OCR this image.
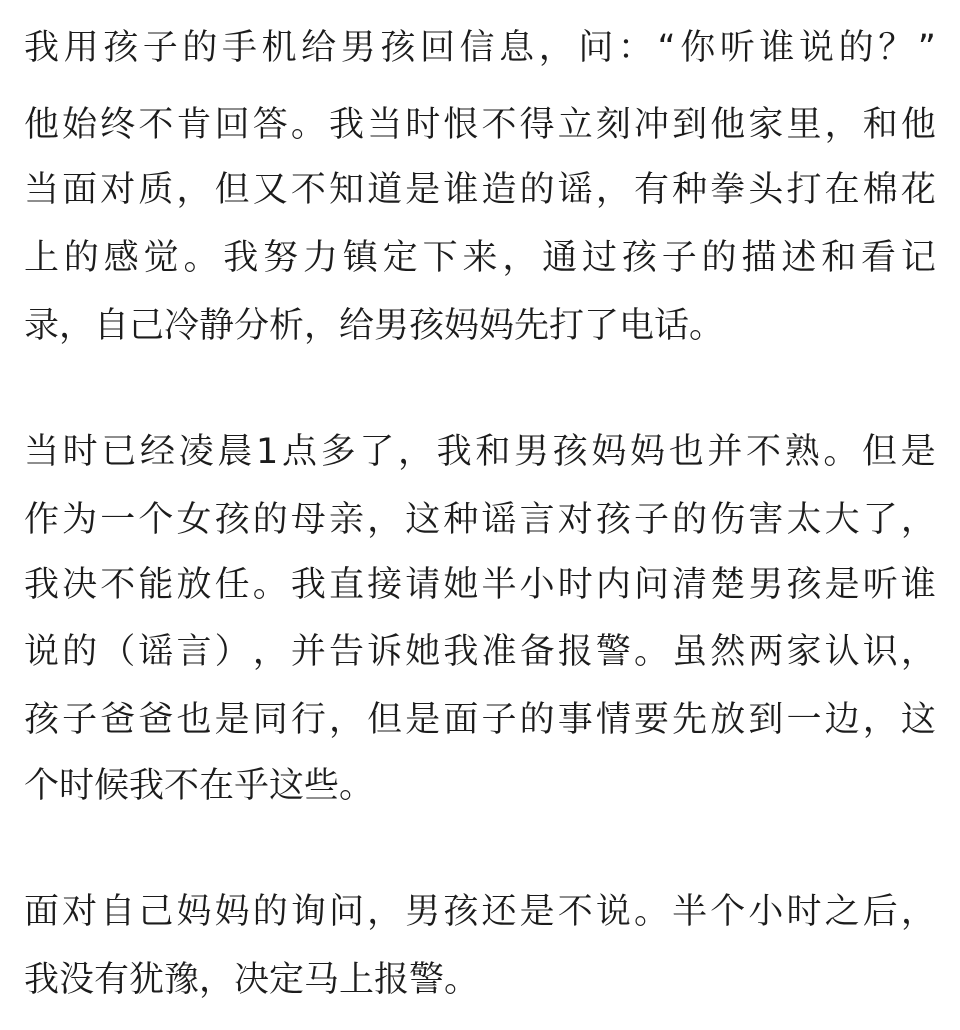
我 用 孩 子 的 手 机 给 男 孩 回 信 息 ， 问 ： “ 你 听 谁 说 的 ？ ”
他 始 终 不 肯 回 答 。 我 当 时 恨 不 得 立 刻 冲 到 他 家 里 ， 和 他
当 面 对 质 ， 但 又 不 知 道 是 谁 造 的 谣 ， 有 种 拳 头 打 在 棉 花
上 的 感 觉 。 我 努 力 镇 定 下 来 ， 通 过 孩 子 的 描 述 和 看 记
录，自己冷静分析，给男孩妈妈先打了电话。
当 时 已 经 凌 晨 1 点 多 了 ， 我 和 男 孩 妈 妈 也 并 不 熟 。 但 是
作 为 一 个 女 孩 的 母 亲 ， 这 种 谣 言 对 孩 子 的 伤 害 太 大 了 ，
我 决 不 能 放 任 。 我 直 接 请 她 半 小 时 内 问 清 楚 男 孩 是 听 谁
说 的 （ 谣 言 ） ， 并 告 诉 她 我 准 备 报 警 。 虽 然 两 家 认 识 ，
孩 子 爸 爸 也 是 同 行 ， 但 是 面 子 的 事 情 要 先 放 到 一 边 ， 这
个时候我不在乎这些。
面 对 自 己 妈 妈 的 询 问 ， 男 孩 还 是 不 说 。 半 个 小 时 之 后 ，
我没有犹豫，决定马上报警。
